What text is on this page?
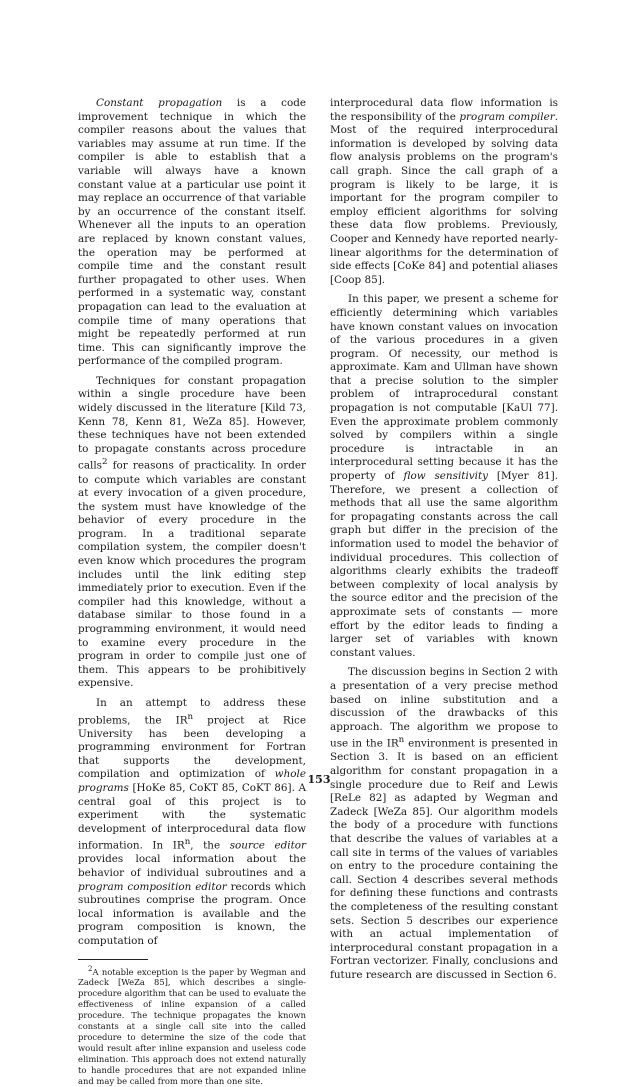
Constant propagation is a code improvement technique in which the compiler reasons about the values that variables may assume at run time. If the compiler is able to establish that a variable will always have a known constant value at a particular use point it may replace an occurrence of that variable by an occurrence of the constant itself. Whenever all the inputs to an operation are replaced by known constant values, the operation may be performed at compile time and the constant result further propagated to other uses. When performed in a systematic way, constant propagation can lead to the evaluation at compile time of many operations that might be repeatedly performed at run time. This can significantly improve the performance of the compiled program.

Techniques for constant propagation within a single procedure have been widely discussed in the literature [Kild 73, Kenn 78, Kenn 81, WeZa 85]. However, these techniques have not been extended to propagate constants across procedure calls$^2$ for reasons of practicality. In order to compute which variables are constant at every invocation of a given procedure, the system must have knowledge of the behavior of every procedure in the program. In a traditional separate compilation system, the compiler doesn't even know which procedures the program includes until the link editing step immediately prior to execution. Even if the compiler had this knowledge, without a database similar to those found in a programming environment, it would need to examine every procedure in the program in order to compile just one of them. This appears to be prohibitively expensive.

In an attempt to address these problems, the $IR^n$ project at Rice University has been developing a programming environment for Fortran that supports the development, compilation and optimization of whole programs [HoKe 85, CoKT 85, CoKT 86]. A central goal of this project is to experiment with the systematic development of interprocedural data flow information. In $IR^n$, the source editor provides local information about the behavior of individual subroutines and a program composition editor records which subroutines comprise the program. Once local information is available and the program composition is known, the computation of

$^2$A notable exception is the paper by Wegman and Zadeck [WeZa 85], which describes a single-procedure algorithm that can be used to evaluate the effectiveness of inline expansion of a called procedure. The technique propagates the known constants at a single call site into the called procedure to determine the size of the code that would result after inline expansion and useless code elimination. This approach does not extend naturally to handle procedures that are not expanded inline and may be called from more than one site.

interprocedural data flow information is the responsibility of the program compiler. Most of the required interprocedural information is developed by solving data flow analysis problems on the program's call graph. Since the call graph of a program is likely to be large, it is important for the program compiler to employ efficient algorithms for solving these data flow problems. Previously, Cooper and Kennedy have reported nearly-linear algorithms for the determination of side effects [CoKe 84] and potential aliases [Coop 85].

In this paper, we present a scheme for efficiently determining which variables have known constant values on invocation of the various procedures in a given program. Of necessity, our method is approximate. Kam and Ullman have shown that a precise solution to the simpler problem of intraprocedural constant propagation is not computable [KaUl 77]. Even the approximate problem commonly solved by compilers within a single procedure is intractable in an interprocedural setting because it has the property of flow sensitivity [Myer 81]. Therefore, we present a collection of methods that all use the same algorithm for propagating constants across the call graph but differ in the precision of the information used to model the behavior of individual procedures. This collection of algorithms clearly exhibits the tradeoff between complexity of local analysis by the source editor and the precision of the approximate sets of constants — more effort by the editor leads to finding a larger set of variables with known constant values.

The discussion begins in Section 2 with a presentation of a very precise method based on inline substitution and a discussion of the drawbacks of this approach. The algorithm we propose to use in the $IR^n$ environment is presented in Section 3. It is based on an efficient algorithm for constant propagation in a single procedure due to Reif and Lewis [ReLe 82] as adapted by Wegman and Zadeck [WeZa 85]. Our algorithm models the body of a procedure with functions that describe the values of variables at a call site in terms of the values of variables on entry to the procedure containing the call. Section 4 describes several methods for defining these functions and contrasts the completeness of the resulting constant sets. Section 5 describes our experience with an actual implementation of interprocedural constant propagation in a Fortran vectorizer. Finally, conclusions and future research are discussed in Section 6.

153
